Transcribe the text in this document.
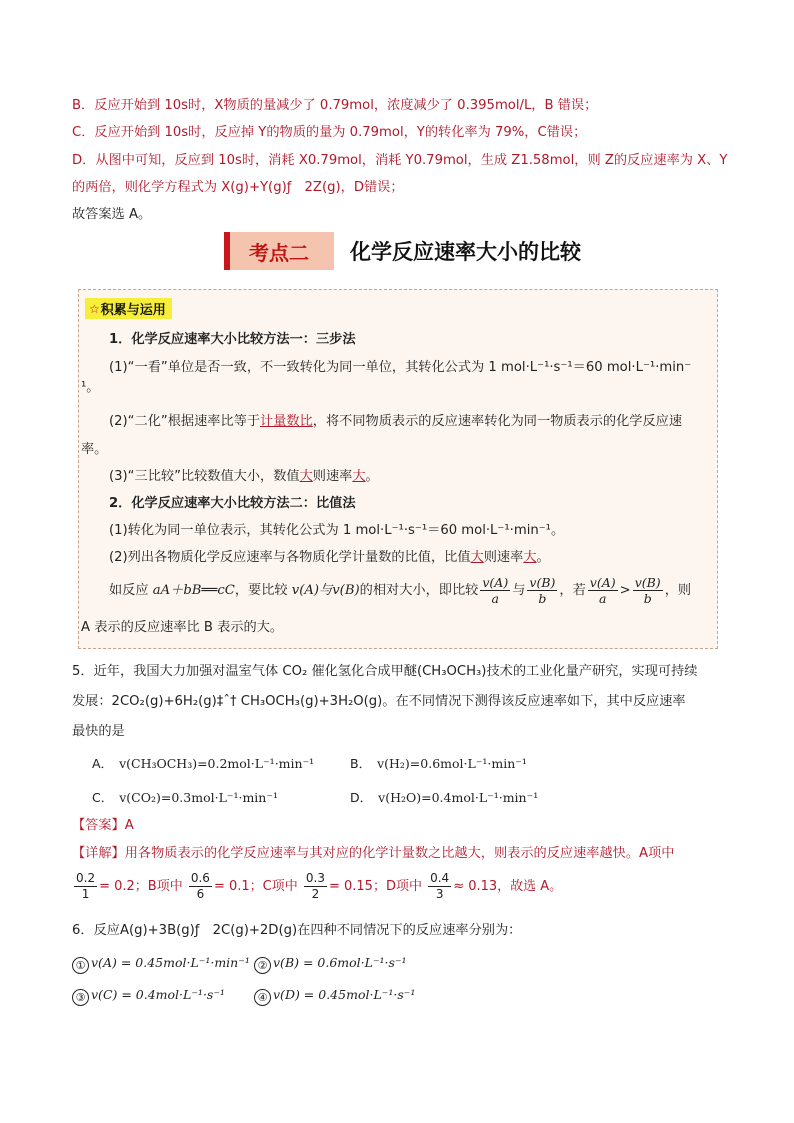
B．反应开始到 10s时，X物质的量减少了 0.79mol，浓度减少了 0.395mol/L，B 错误；
C．反应开始到 10s时，反应掉 Y的物质的量为 0.79mol，Y的转化率为 79%，C错误；
D．从图中可知，反应到 10s时，消耗 X0.79mol，消耗 Y0.79mol，生成 Z1.58mol，则 Z的反应速率为 X、Y
的两倍，则化学方程式为 X(g)+Y(g)ƒ　2Z(g)，D错误；
故答案选 A。
考点二	化学反应速率大小的比较
☆ 积累与运用
1．化学反应速率大小比较方法一：三步法
(1)“一看”单位是否一致，不一致转化为同一单位，其转化公式为 1 mol·L⁻¹·s⁻¹＝60 mol·L⁻¹·min⁻
¹。
(2)“二化”根据速率比等于计量数比，将不同物质表示的反应速率转化为同一物质表示的化学反应速
率。
(3)“三比较”比较数值大小，数值大则速率大。
2．化学反应速率大小比较方法二：比值法
(1)转化为同一单位表示，其转化公式为 1 mol·L⁻¹·s⁻¹＝60 mol·L⁻¹·min⁻¹。
(2)列出各物质化学反应速率与各物质化学计量数的比值，比值大则速率大。
如反应 aA＋bB══cC，要比较 v(A)与v(B)的相对大小，即比较 $\frac{v(A)}{a}$ 与 $\frac{v(B)}{b}$ ，若 $\frac{v(A)}{a} > \frac{v(B)}{b}$ ，则
A 表示的反应速率比 B 表示的大。
5．近年，我国大力加强对温室气体 CO₂ 催化氢化合成甲醚(CH₃OCH₃)技术的工业化量产研究，实现可持续
发展：2CO₂(g)+6H₂(g)‡ˆ† CH₃OCH₃(g)+3H₂O(g)。在不同情况下测得该反应速率如下，其中反应速率
最快的是
A． v(CH₃OCH₃)=0.2mol·L⁻¹·min⁻¹	B． v(H₂)=0.6mol·L⁻¹·min⁻¹
C． v(CO₂)=0.3mol·L⁻¹·min⁻¹	D． v(H₂O)=0.4mol·L⁻¹·min⁻¹
【答案】A
【详解】用各物质表示的化学反应速率与其对应的化学计量数之比越大，则表示的反应速率越快。A项中
$\frac{0.2}{1} = 0.2$；B项中 $\frac{0.6}{6} = 0.1$；C项中 $\frac{0.3}{2} = 0.15$；D项中 $\frac{0.4}{3} \approx 0.13$，故选 A。
6．反应A(g)+3B(g)ƒ　2C(g)+2D(g)在四种不同情况下的反应速率分别为：
① v(A) = 0.45mol·L⁻¹·min⁻¹ ② v(B) = 0.6mol·L⁻¹·s⁻¹
③ v(C) = 0.4mol·L⁻¹·s⁻¹	④ v(D) = 0.45mol·L⁻¹·s⁻¹
